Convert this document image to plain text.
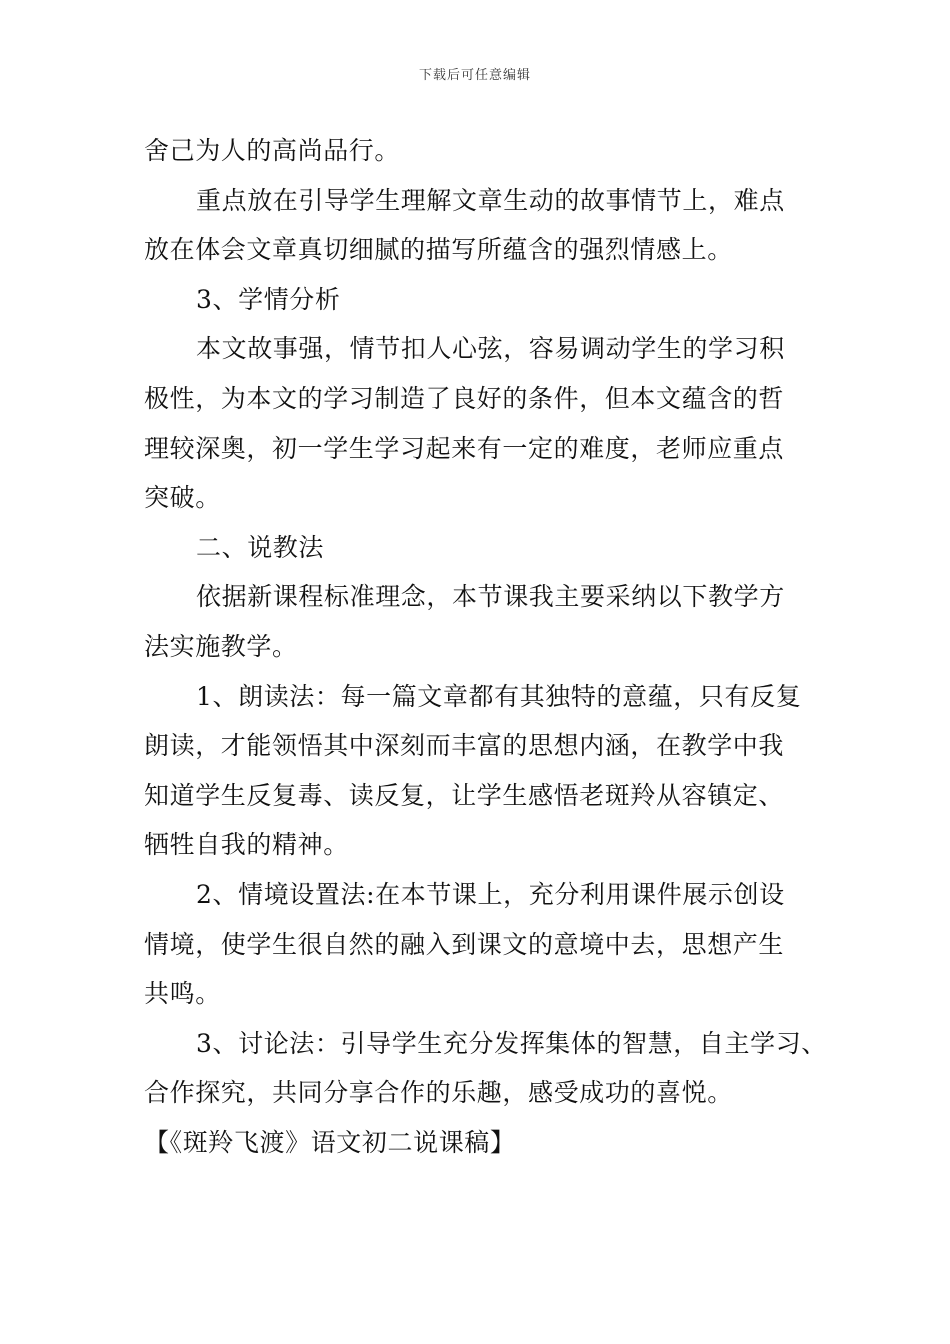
下载后可任意编辑
舍己为人的高尚品行。
重点放在引导学生理解文章生动的故事情节上，难点
放在体会文章真切细腻的描写所蕴含的强烈情感上。
3、学情分析
本文故事强，情节扣人心弦，容易调动学生的学习积
极性，为本文的学习制造了良好的条件，但本文蕴含的哲
理较深奥，初一学生学习起来有一定的难度，老师应重点
突破。
二、说教法
依据新课程标准理念，本节课我主要采纳以下教学方
法实施教学。
1、朗读法：每一篇文章都有其独特的意蕴，只有反复
朗读，才能领悟其中深刻而丰富的思想内涵，在教学中我
知道学生反复毒、读反复，让学生感悟老斑羚从容镇定、
牺牲自我的精神。
2、情境设置法:在本节课上，充分利用课件展示创设
情境，使学生很自然的融入到课文的意境中去，思想产生
共鸣。
3、讨论法：引导学生充分发挥集体的智慧，自主学习、
合作探究，共同分享合作的乐趣，感受成功的喜悦。
【《斑羚飞渡》语文初二说课稿】
